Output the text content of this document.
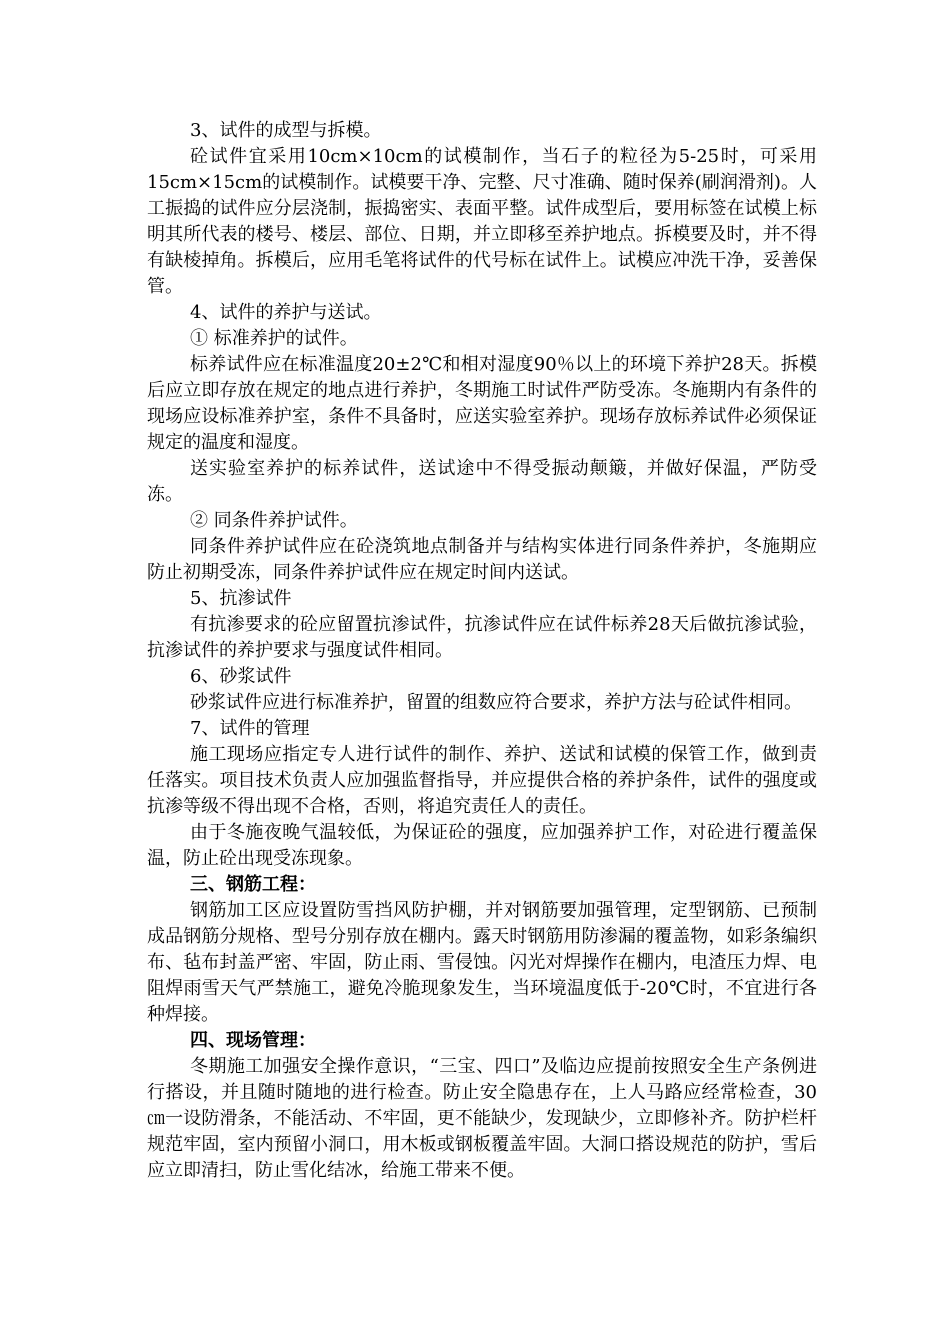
3、试件的成型与拆模。

砼试件宜采用10cm×10cm的试模制作，当石子的粒径为5-25时，可采用15cm×15cm的试模制作。试模要干净、完整、尺寸准确、随时保养(刷润滑剂)。人工振捣的试件应分层浇制，振捣密实、表面平整。试件成型后，要用标签在试模上标明其所代表的楼号、楼层、部位、日期，并立即移至养护地点。拆模要及时，并不得有缺棱掉角。拆模后，应用毛笔将试件的代号标在试件上。试模应冲洗干净，妥善保管。

4、试件的养护与送试。

① 标准养护的试件。

标养试件应在标准温度20±2℃和相对湿度90％以上的环境下养护28天。拆模后应立即存放在规定的地点进行养护，冬期施工时试件严防受冻。冬施期内有条件的现场应设标准养护室，条件不具备时，应送实验室养护。现场存放标养试件必须保证规定的温度和湿度。

送实验室养护的标养试件，送试途中不得受振动颠簸，并做好保温，严防受冻。

② 同条件养护试件。

同条件养护试件应在砼浇筑地点制备并与结构实体进行同条件养护，冬施期应防止初期受冻，同条件养护试件应在规定时间内送试。

5、抗渗试件

有抗渗要求的砼应留置抗渗试件，抗渗试件应在试件标养28天后做抗渗试验，抗渗试件的养护要求与强度试件相同。

6、砂浆试件

砂浆试件应进行标准养护，留置的组数应符合要求，养护方法与砼试件相同。

7、试件的管理

施工现场应指定专人进行试件的制作、养护、送试和试模的保管工作，做到责任落实。项目技术负责人应加强监督指导，并应提供合格的养护条件，试件的强度或抗渗等级不得出现不合格，否则，将追究责任人的责任。

由于冬施夜晚气温较低，为保证砼的强度，应加强养护工作，对砼进行覆盖保温，防止砼出现受冻现象。

三、钢筋工程：

钢筋加工区应设置防雪挡风防护棚，并对钢筋要加强管理，定型钢筋、已预制成品钢筋分规格、型号分别存放在棚内。露天时钢筋用防渗漏的覆盖物，如彩条编织布、毡布封盖严密、牢固，防止雨、雪侵蚀。闪光对焊操作在棚内，电渣压力焊、电阻焊雨雪天气严禁施工，避免冷脆现象发生，当环境温度低于-20℃时，不宜进行各种焊接。

四、现场管理：

冬期施工加强安全操作意识，“三宝、四口”及临边应提前按照安全生产条例进行搭设，并且随时随地的进行检查。防止安全隐患存在，上人马路应经常检查，30㎝一设防滑条，不能活动、不牢固，更不能缺少，发现缺少，立即修补齐。防护栏杆规范牢固，室内预留小洞口，用木板或钢板覆盖牢固。大洞口搭设规范的防护，雪后应立即清扫，防止雪化结冰，给施工带来不便。
